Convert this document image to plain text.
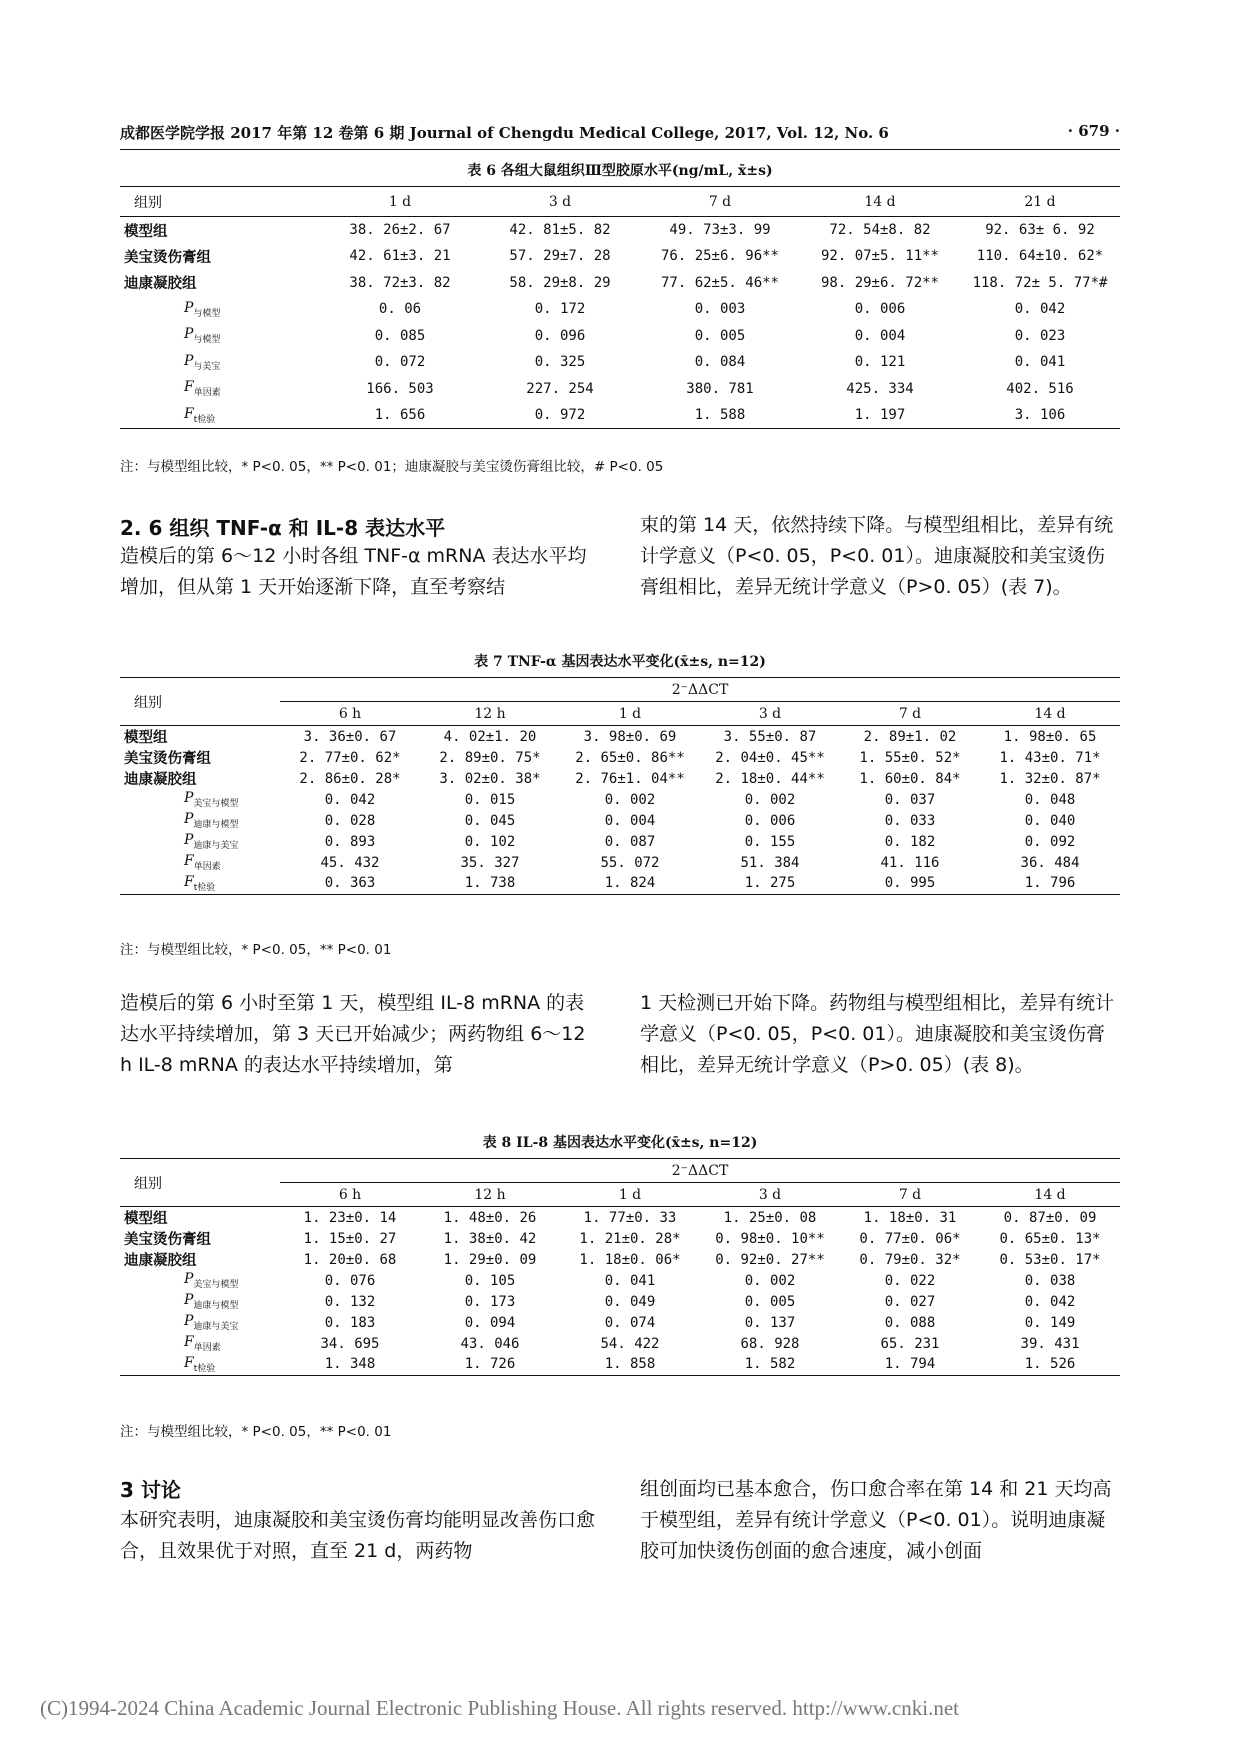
成都医学院学报 2017 年第 12 卷第 6 期 Journal of Chengdu Medical College, 2017, Vol. 12, No. 6	· 679 ·
表 6 各组大鼠组织Ⅲ型胶原水平(ng/mL, x̄±s)
组别	1 d	3 d	7 d	14 d	21 d
模型组	38. 26±2. 67	42. 81±5. 82	49. 73±3. 99	72. 54±8. 82	92. 63± 6. 92
美宝烫伤膏组	42. 61±3. 21	57. 29±7. 28	76. 25±6. 96**	92. 07±5. 11**	110. 64±10. 62*
迪康凝胶组	38. 72±3. 82	58. 29±8. 29	77. 62±5. 46**	98. 29±6. 72**	118. 72± 5. 77*#
$P_{与模型}$	0. 06	0. 172	0. 003	0. 006	0. 042
$P_{与模型}$	0. 085	0. 096	0. 005	0. 004	0. 023
$P_{与美宝}$	0. 072	0. 325	0. 084	0. 121	0. 041
$F_{单因素}$	166. 503	227. 254	380. 781	425. 334	402. 516
$F_{t检验}$	1. 656	0. 972	1. 588	1. 197	3. 106
注：与模型组比较，* P<0. 05，** P<0. 01；迪康凝胶与美宝烫伤膏组比较，# P<0. 05
2. 6 组织 TNF-α 和 IL-8 表达水平
造模后的第 6～12 小时各组 TNF-α mRNA 表达水平均增加，但从第 1 天开始逐渐下降，直至考察结
束的第 14 天，依然持续下降。与模型组相比，差异有统计学意义（P<0. 05，P<0. 01）。迪康凝胶和美宝烫伤膏组相比，差异无统计学意义（P>0. 05）(表 7)。
表 7 TNF-α 基因表达水平变化(x̄±s, n=12)
组别	2⁻ΔΔCT					
	6 h	12 h	1 d	3 d	7 d	14 d
模型组	3. 36±0. 67	4. 02±1. 20	3. 98±0. 69	3. 55±0. 87	2. 89±1. 02	1. 98±0. 65
美宝烫伤膏组	2. 77±0. 62*	2. 89±0. 75*	2. 65±0. 86**	2. 04±0. 45**	1. 55±0. 52*	1. 43±0. 71*
迪康凝胶组	2. 86±0. 28*	3. 02±0. 38*	2. 76±1. 04**	2. 18±0. 44**	1. 60±0. 84*	1. 32±0. 87*
$P_{美宝与模型}$	0. 042	0. 015	0. 002	0. 002	0. 037	0. 048
$P_{迪康与模型}$	0. 028	0. 045	0. 004	0. 006	0. 033	0. 040
$P_{迪康与美宝}$	0. 893	0. 102	0. 087	0. 155	0. 182	0. 092
$F_{单因素}$	45. 432	35. 327	55. 072	51. 384	41. 116	36. 484
$F_{t检验}$	0. 363	1. 738	1. 824	1. 275	0. 995	1. 796
注：与模型组比较，* P<0. 05，** P<0. 01
造模后的第 6 小时至第 1 天，模型组 IL-8 mRNA 的表达水平持续增加，第 3 天已开始减少；两药物组 6～12 h IL-8 mRNA 的表达水平持续增加，第
1 天检测已开始下降。药物组与模型组相比，差异有统计学意义（P<0. 05，P<0. 01）。迪康凝胶和美宝烫伤膏相比，差异无统计学意义（P>0. 05）(表 8)。
表 8 IL-8 基因表达水平变化(x̄±s, n=12)
组别	2⁻ΔΔCT					
	6 h	12 h	1 d	3 d	7 d	14 d
模型组	1. 23±0. 14	1. 48±0. 26	1. 77±0. 33	1. 25±0. 08	1. 18±0. 31	0. 87±0. 09
美宝烫伤膏组	1. 15±0. 27	1. 38±0. 42	1. 21±0. 28*	0. 98±0. 10**	0. 77±0. 06*	0. 65±0. 13*
迪康凝胶组	1. 20±0. 68	1. 29±0. 09	1. 18±0. 06*	0. 92±0. 27**	0. 79±0. 32*	0. 53±0. 17*
$P_{美宝与模型}$	0. 076	0. 105	0. 041	0. 002	0. 022	0. 038
$P_{迪康与模型}$	0. 132	0. 173	0. 049	0. 005	0. 027	0. 042
$P_{迪康与美宝}$	0. 183	0. 094	0. 074	0. 137	0. 088	0. 149
$F_{单因素}$	34. 695	43. 046	54. 422	68. 928	65. 231	39. 431
$F_{t检验}$	1. 348	1. 726	1. 858	1. 582	1. 794	1. 526
注：与模型组比较，* P<0. 05，** P<0. 01
3 讨论
本研究表明，迪康凝胶和美宝烫伤膏均能明显改善伤口愈合，且效果优于对照，直至 21 d，两药物
组创面均已基本愈合，伤口愈合率在第 14 和 21 天均高于模型组，差异有统计学意义（P<0. 01）。说明迪康凝胶可加快烫伤创面的愈合速度，减小创面
(C)1994-2024 China Academic Journal Electronic Publishing House. All rights reserved. http://www.cnki.net
